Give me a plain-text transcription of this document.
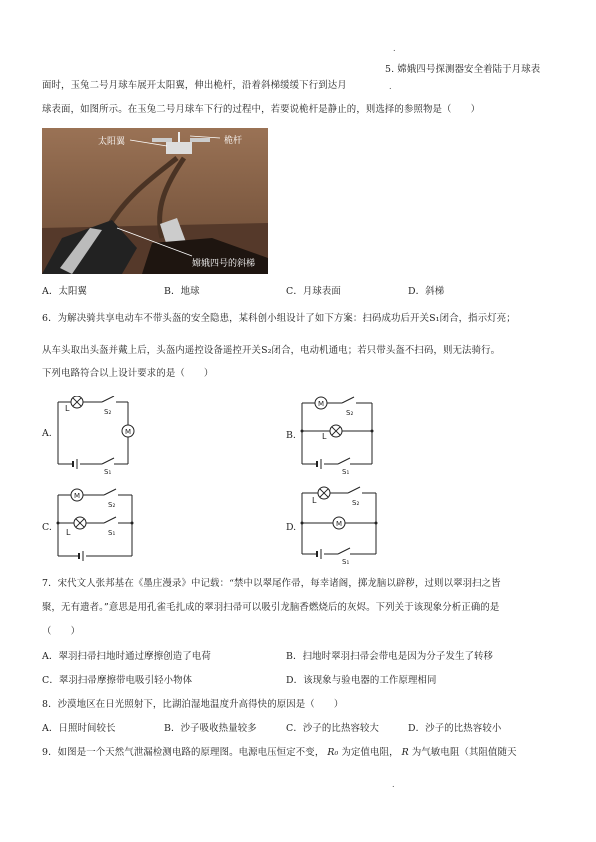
.
.
.
5. 嫦娥四号探测器安全着陆于月球表
面时，玉兔二号月球车展开太阳翼，伸出桅杆，沿着斜梯缓缓下行到达月
球表面，如图所示。在玉兔二号月球车下行的过程中，若要说桅杆是静止的，则选择的参照物是（　　）
太阳翼	桅杆
嫦娥四号的斜梯
A．太阳翼	B．地球	C．月球表面	D．斜梯
6．为解决骑共享电动车不带头盔的安全隐患，某科创小组设计了如下方案：扫码成功后开关S₁闭合，指示灯亮；
从车头取出头盔并戴上后，头盔内遥控设备遥控开关S₂闭合，电动机通电；若只带头盔不扫码，则无法骑行。
下列电路符合以上设计要求的是（　　）
A.	M
L	S₂
S₁
B.
M
L
S₂
S₁
C.
M
L
S₂
S₁	D.
L
M
S₂
S₁
7．宋代文人张邦基在《墨庄漫录》中记载：“禁中以翠尾作帚，每幸诸阁，掷龙脑以辟秽，过则以翠羽扫之皆
聚，无有遗者。”意思是用孔雀毛扎成的翠羽扫帚可以吸引龙脑香燃烧后的灰烬。下列关于该现象分析正确的是
（　　）
A．翠羽扫帚扫地时通过摩擦创造了电荷	B．扫地时翠羽扫帚会带电是因为分子发生了转移
C．翠羽扫帚摩擦带电吸引轻小物体	D．该现象与验电器的工作原理相同
8．沙漠地区在日光照射下，比湖泊湿地温度升高得快的原因是（　　）
A．日照时间较长	B．沙子吸收热量较多	C．沙子的比热容较大	D．沙子的比热容较小
9．如图是一个天然气泄漏检测电路的原理图。电源电压恒定不变， R₀ 为定值电阻， R 为气敏电阻（其阻值随天
